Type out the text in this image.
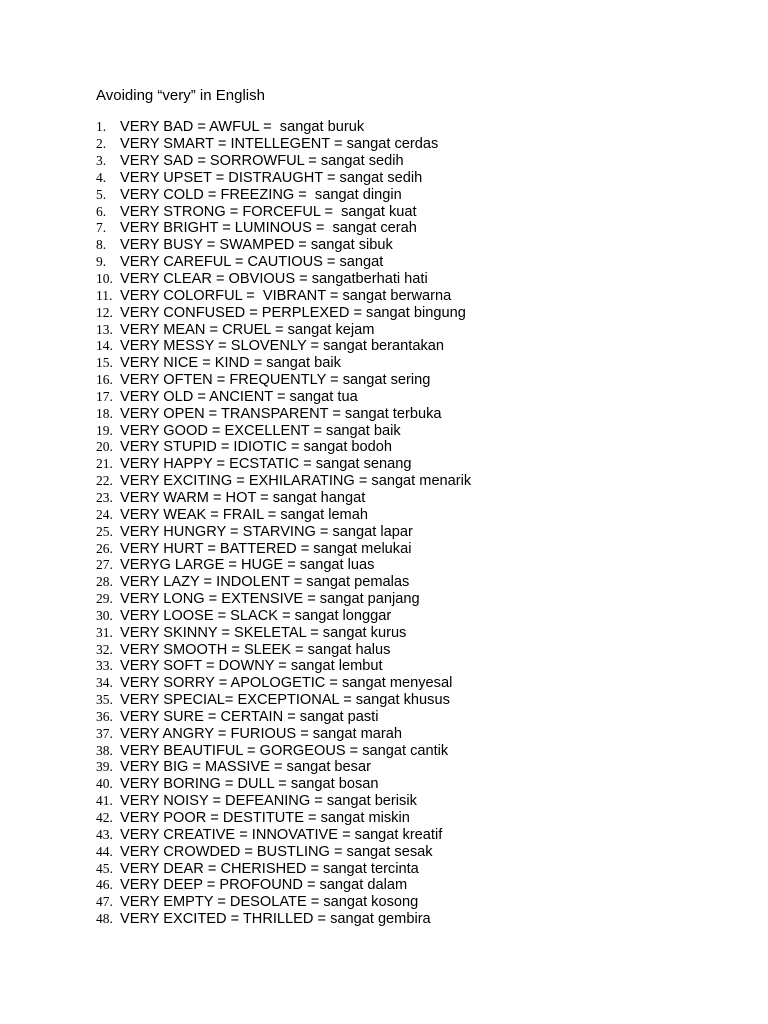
Avoiding “very” in English
1. VERY BAD = AWFUL =  sangat buruk
2. VERY SMART = INTELLEGENT = sangat cerdas
3. VERY SAD = SORROWFUL = sangat sedih
4. VERY UPSET = DISTRAUGHT = sangat sedih
5. VERY COLD = FREEZING =  sangat dingin
6. VERY STRONG = FORCEFUL =  sangat kuat
7. VERY BRIGHT = LUMINOUS =  sangat cerah
8. VERY BUSY = SWAMPED = sangat sibuk
9. VERY CAREFUL = CAUTIOUS = sangat
10. VERY CLEAR = OBVIOUS = sangatberhati hati
11. VERY COLORFUL =  VIBRANT = sangat berwarna
12. VERY CONFUSED = PERPLEXED = sangat bingung
13. VERY MEAN = CRUEL = sangat kejam
14. VERY MESSY = SLOVENLY = sangat berantakan
15. VERY NICE = KIND = sangat baik
16. VERY OFTEN = FREQUENTLY = sangat sering
17. VERY OLD = ANCIENT = sangat tua
18. VERY OPEN = TRANSPARENT = sangat terbuka
19. VERY GOOD = EXCELLENT = sangat baik
20. VERY STUPID = IDIOTIC = sangat bodoh
21. VERY HAPPY = ECSTATIC = sangat senang
22. VERY EXCITING = EXHILARATING = sangat menarik
23. VERY WARM = HOT = sangat hangat
24. VERY WEAK = FRAIL = sangat lemah
25. VERY HUNGRY = STARVING = sangat lapar
26. VERY HURT = BATTERED = sangat melukai
27. VERYG LARGE = HUGE = sangat luas
28. VERY LAZY = INDOLENT = sangat pemalas
29. VERY LONG = EXTENSIVE = sangat panjang
30. VERY LOOSE = SLACK = sangat longgar
31. VERY SKINNY = SKELETAL = sangat kurus
32. VERY SMOOTH = SLEEK = sangat halus
33. VERY SOFT = DOWNY = sangat lembut
34. VERY SORRY = APOLOGETIC = sangat menyesal
35. VERY SPECIAL= EXCEPTIONAL = sangat khusus
36. VERY SURE = CERTAIN = sangat pasti
37. VERY ANGRY = FURIOUS = sangat marah
38. VERY BEAUTIFUL = GORGEOUS = sangat cantik
39. VERY BIG = MASSIVE = sangat besar
40. VERY BORING = DULL = sangat bosan
41. VERY NOISY = DEFEANING = sangat berisik
42. VERY POOR = DESTITUTE = sangat miskin
43. VERY CREATIVE = INNOVATIVE = sangat kreatif
44. VERY CROWDED = BUSTLING = sangat sesak
45. VERY DEAR = CHERISHED = sangat tercinta
46. VERY DEEP = PROFOUND = sangat dalam
47. VERY EMPTY = DESOLATE = sangat kosong
48. VERY EXCITED = THRILLED = sangat gembira
